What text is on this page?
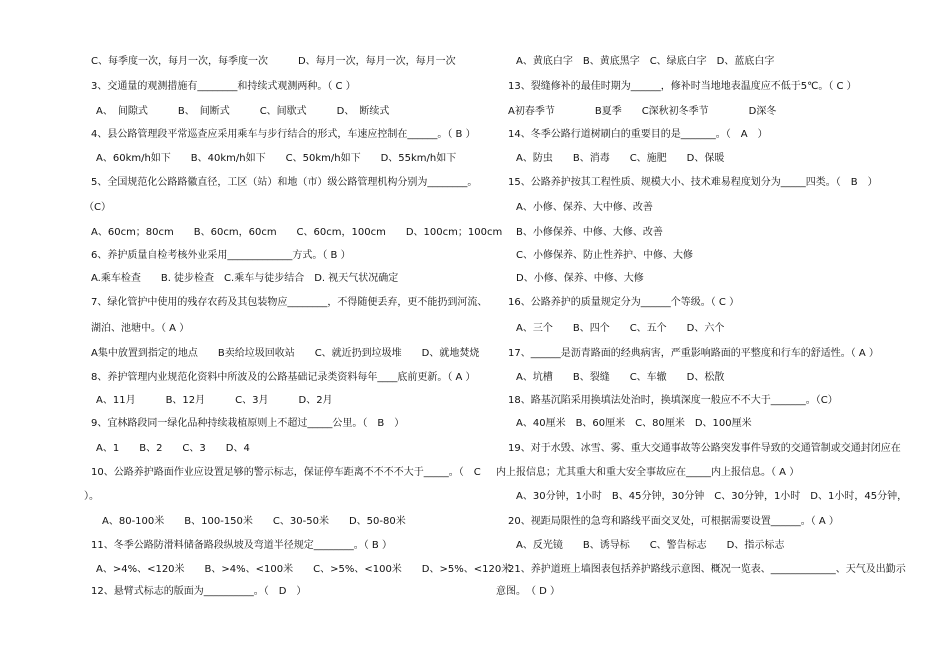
C、每季度一次，每月一次，每季度一次　　　D、每月一次，每月一次，每月一次
3、交通量的观测措施有________和持续式观测两种。（ C ）
A、　间隙式　　　B、　间断式　　　C、间歇式　　　D、　断续式
4、县公路管理段平常巡查应采用乘车与步行结合的形式，车速应控制在______。（ B ）
A、60km/h如下　　B、40km/h如下　　C、50km/h如下　　D、55km/h如下
5、全国规范化公路路徽直径，工区（站）和地（市）级公路管理机构分别为________。
（C）
A、60cm；80cm　　B、60cm，60cm　　C、60cm，100cm　　D、100cm；100cm
6、养护质量自检考核外业采用_____________方式。（ B ）
A.乘车检查　　B. 徒步检查　C.乘车与徒步结合　D. 视天气状况确定
7、绿化管护中使用的残存农药及其包装物应________，不得随便丢弃，更不能扔到河流、
湖泊、池塘中。（ A ）
A集中放置到指定的地点　　B卖给垃圾回收站　　C、就近扔到垃圾堆　　D、就地焚烧
8、养护管理内业规范化资料中所波及的公路基础记录类资料每年____底前更新。（ A ）
A、11月　　　B、12月　　　C、3月　　　D、2月
9、宜林路段同一绿化品种持续栽植原则上不超过_____公里。（　B　）
A、1　　B、2　　C、3　　D、4
10、公路养护路面作业应设置足够的警示标志，保证停车距离不不不不大于_____。（　C
）。
A、80-100米　　B、100-150米　　C、30-50米　　D、50-80米
11、冬季公路防滑料储备路段纵坡及弯道半径规定________。（ B ）
A、>4%、<120米　　B、>4%、<100米　　C、>5%、<100米　　D、>5%、<120米
12、悬臂式标志的版面为__________。（　D　）
A、黄底白字　B、黄底黑字　C、绿底白字　D、蓝底白字
13、裂缝修补的最佳时期为______，修补时当地地表温度应不低于5℃。（ C ）
A初春季节　　　　B夏季　　C深秋初冬季节　　　　D深冬
14、冬季公路行道树刷白的重要目的是_______。（　A　）
A、防虫　　B、消毒　　C、施肥　　D、保暖
15、公路养护按其工程性质、规模大小、技术难易程度划分为_____四类。（　B　）
A、小修、保养、大中修、改善
B、小修保养、中修、大修、改善
C、小修保养、防止性养护、中修、大修
D、小修、保养、中修、大修
16、公路养护的质量规定分为______个等级。（ C ）
A、三个　　B、四个　　C、五个　　D、六个
17、______是沥青路面的经典病害，严重影响路面的平整度和行车的舒适性。（ A ）
A、坑槽　　B、裂缝　　C、车辙　　D、松散
18、路基沉陷采用换填法处治时，换填深度一般应不不大于_______。（C）
A、40厘米　B、60厘米　C、80厘米　D、100厘米
19、对于水毁、冰雪、雾、重大交通事故等公路突发事件导致的交通管制或交通封闭应在
内上报信息；尤其重大和重大安全事故应在_____内上报信息。（ A ）
A、30分钟，1小时　B、45分钟，30分钟　C、30分钟，1小时　D、1小时，45分钟，
20、视距局限性的急弯和路线平面交叉处，可根据需要设置______。（ A ）
A、反光镜　　B、诱导标　　C、警告标志　　D、指示标志
21、养护道班上墙图表包括养护路线示意图、概况一览表、_____________、天气及出勤示
意图。　（ D ）
